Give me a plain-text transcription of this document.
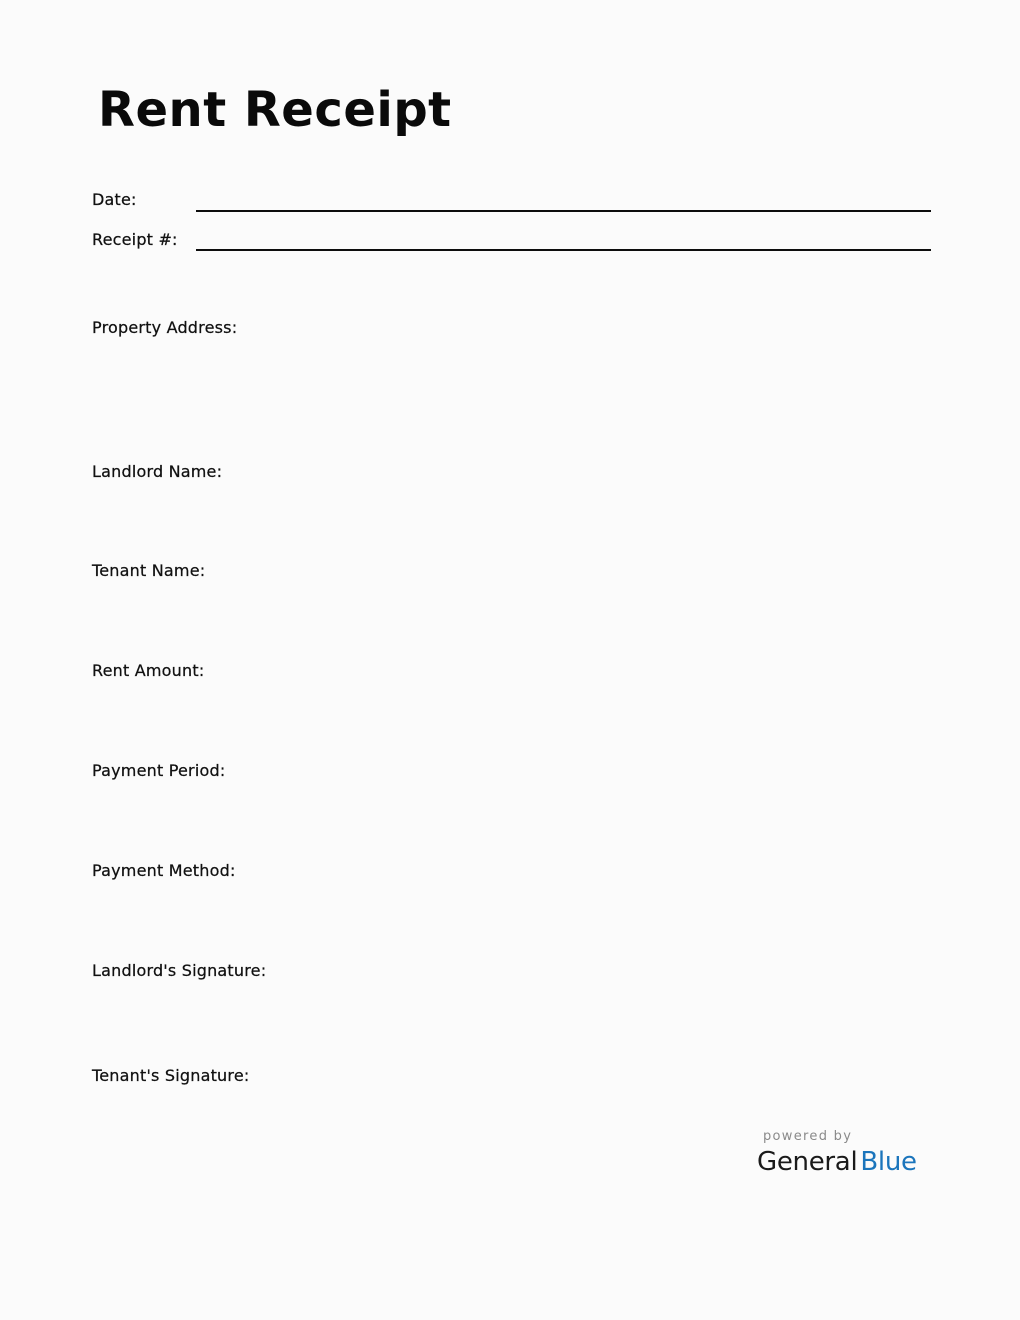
Rent Receipt
Date:
Receipt #:
Property Address:
Landlord Name:
Tenant Name:
Rent Amount:
Payment Period:
Payment Method:
Landlord's Signature:
Tenant's Signature:
powered by
General Blue
